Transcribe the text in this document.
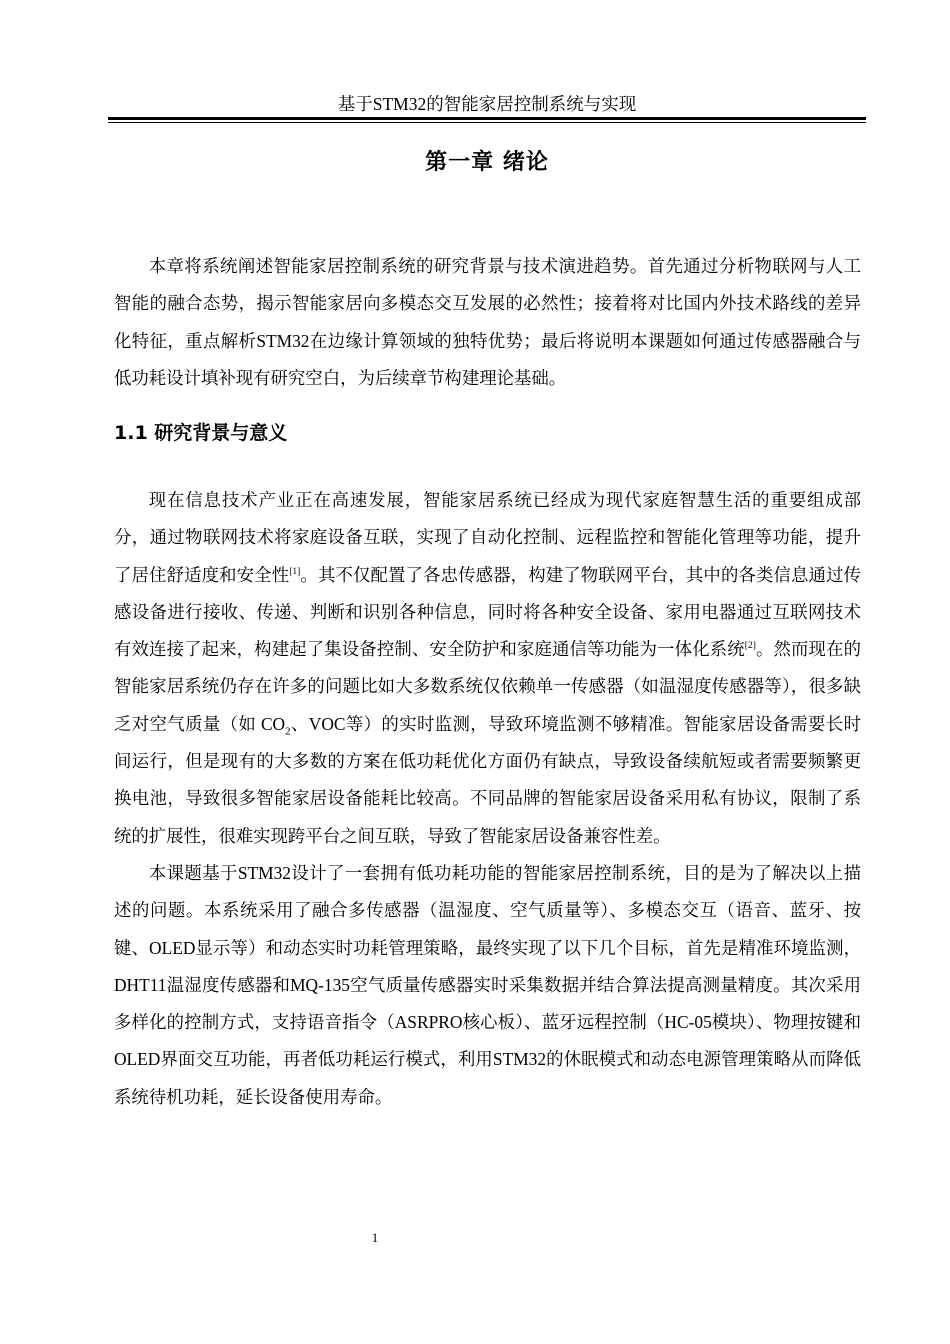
基于STM32的智能家居控制系统与实现
第一章 绪论

本章将系统阐述智能家居控制系统的研究背景与技术演进趋势。首先通过分析物联网与人工智能的融合态势，揭示智能家居向多模态交互发展的必然性；接着将对比国内外技术路线的差异化特征，重点解析STM32在边缘计算领域的独特优势；最后将说明本课题如何通过传感器融合与低功耗设计填补现有研究空白，为后续章节构建理论基础。

1.1 研究背景与意义

现在信息技术产业正在高速发展，智能家居系统已经成为现代家庭智慧生活的重要组成部分，通过物联网技术将家庭设备互联，实现了自动化控制、远程监控和智能化管理等功能，提升了居住舒适度和安全性[1]。其不仅配置了各忠传感器，构建了物联网平台，其中的各类信息通过传感设备进行接收、传递、判断和识别各种信息，同时将各种安全设备、家用电器通过互联网技术有效连接了起来，构建起了集设备控制、安全防护和家庭通信等功能为一体化系统[2]。然而现在的智能家居系统仍存在许多的问题比如大多数系统仅依赖单一传感器（如温湿度传感器等），很多缺乏对空气质量（如 $CO_2$、VOC等）的实时监测，导致环境监测不够精准。智能家居设备需要长时间运行，但是现有的大多数的方案在低功耗优化方面仍有缺点，导致设备续航短或者需要频繁更换电池，导致很多智能家居设备能耗比较高。不同品牌的智能家居设备采用私有协议，限制了系统的扩展性，很难实现跨平台之间互联，导致了智能家居设备兼容性差。

本课题基于STM32设计了一套拥有低功耗功能的智能家居控制系统，目的是为了解决以上描述的问题。本系统采用了融合多传感器（温湿度、空气质量等）、多模态交互（语音、蓝牙、按键、OLED显示等）和动态实时功耗管理策略，最终实现了以下几个目标，首先是精准环境监测，DHT11温湿度传感器和MQ-135空气质量传感器实时采集数据并结合算法提高测量精度。其次采用多样化的控制方式，支持语音指令（ASRPRO核心板）、蓝牙远程控制（HC-05模块）、物理按键和OLED界面交互功能，再者低功耗运行模式，利用STM32的休眠模式和动态电源管理策略从而降低系统待机功耗，延长设备使用寿命。

1
